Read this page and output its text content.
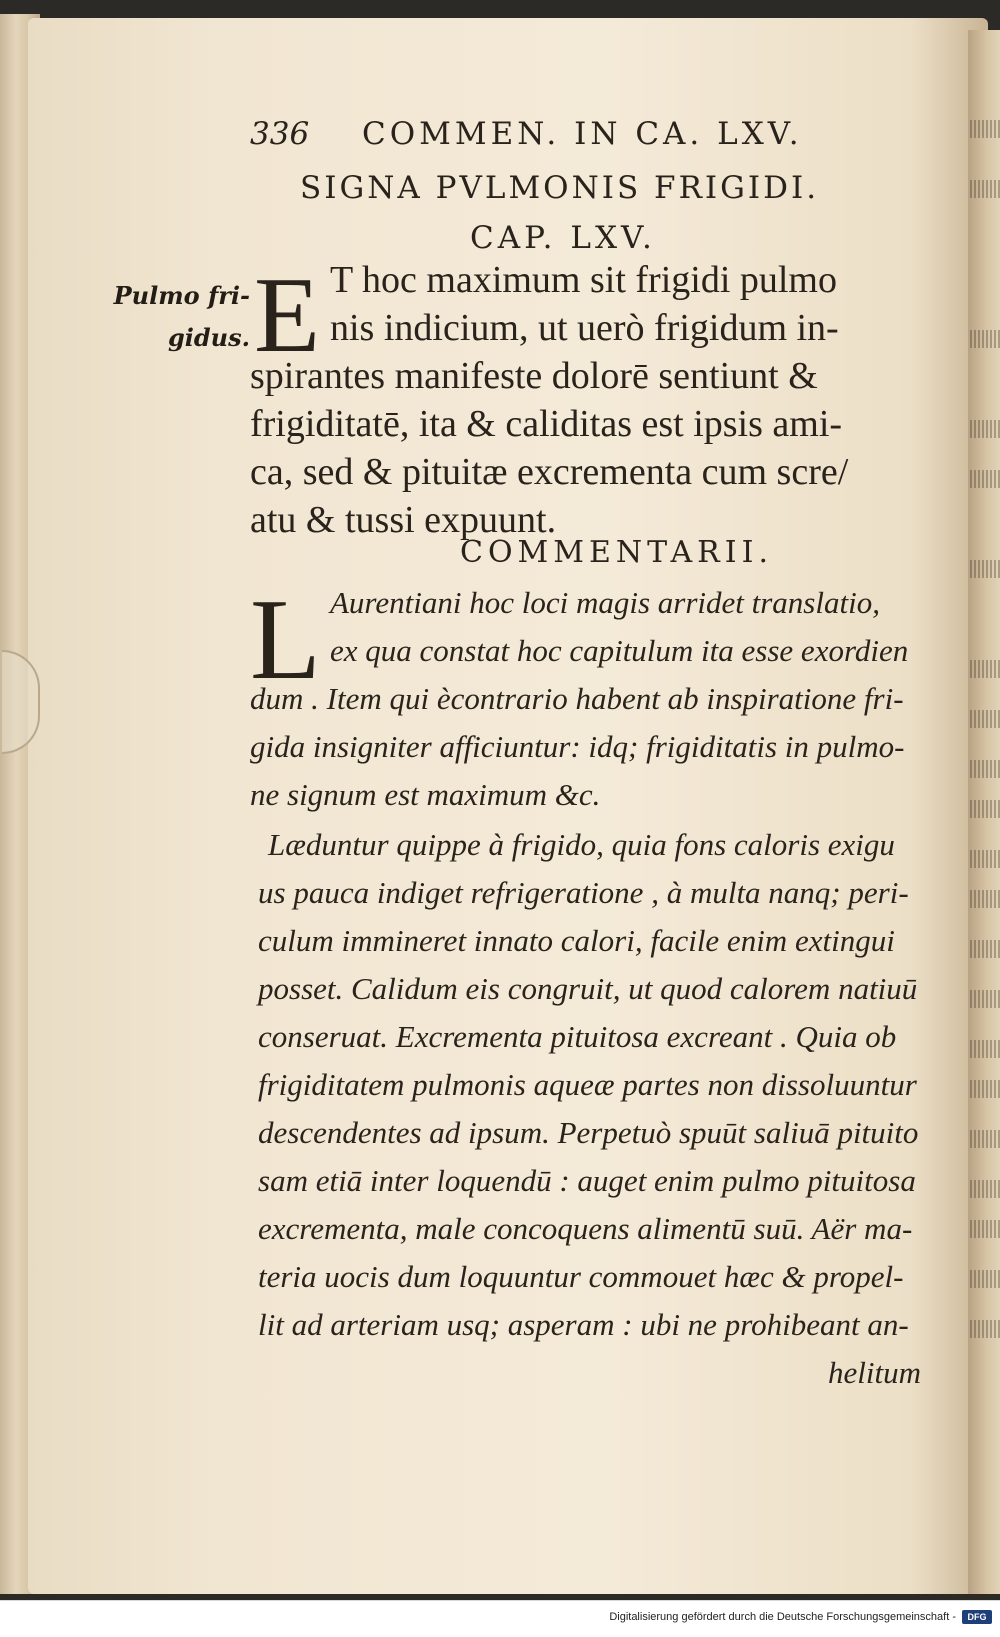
336 COMMEN. IN CA. LXV.
SIGNA PVLMONIS FRIGIDI.
CAP. LXV.
Pulmo fri-
gidus. E T hoc maximum sit frigidi pulmo
nis indicium, ut uerò frigidum in-
spirantes manifeste dolorē sentiunt &
frigiditatē, ita & caliditas est ipsis ami-
ca, sed & pituitæ excrementa cum scre/
atu & tussi expuunt.
COMMENTARII.
L Aurentiani hoc loci magis arridet translatio,
ex qua constat hoc capitulum ita esse exordien
dum . Item qui ècontrario habent ab inspiratione fri-
gida insigniter afficiuntur: idq; frigiditatis in pulmo-
ne signum est maximum &c.
Læduntur quippe à frigido, quia fons caloris exigu
us pauca indiget refrigeratione , à multa nanq; peri-
culum immineret innato calori, facile enim extingui
posset. Calidum eis congruit, ut quod calorem natiuū
conseruat. Excrementa pituitosa excreant . Quia ob
frigiditatem pulmonis aqueæ partes non dissoluuntur
descendentes ad ipsum. Perpetuò spuūt saliuā pituito
sam etiā inter loquendū : auget enim pulmo pituitosa
excrementa, male concoquens alimentū suū. Aër ma-
teria uocis dum loquuntur commouet hæc & propel-
lit ad arteriam usq; asperam : ubi ne prohibeant an-
helitum
Digitalisierung gefördert durch die Deutsche Forschungsgemeinschaft -	DFG
